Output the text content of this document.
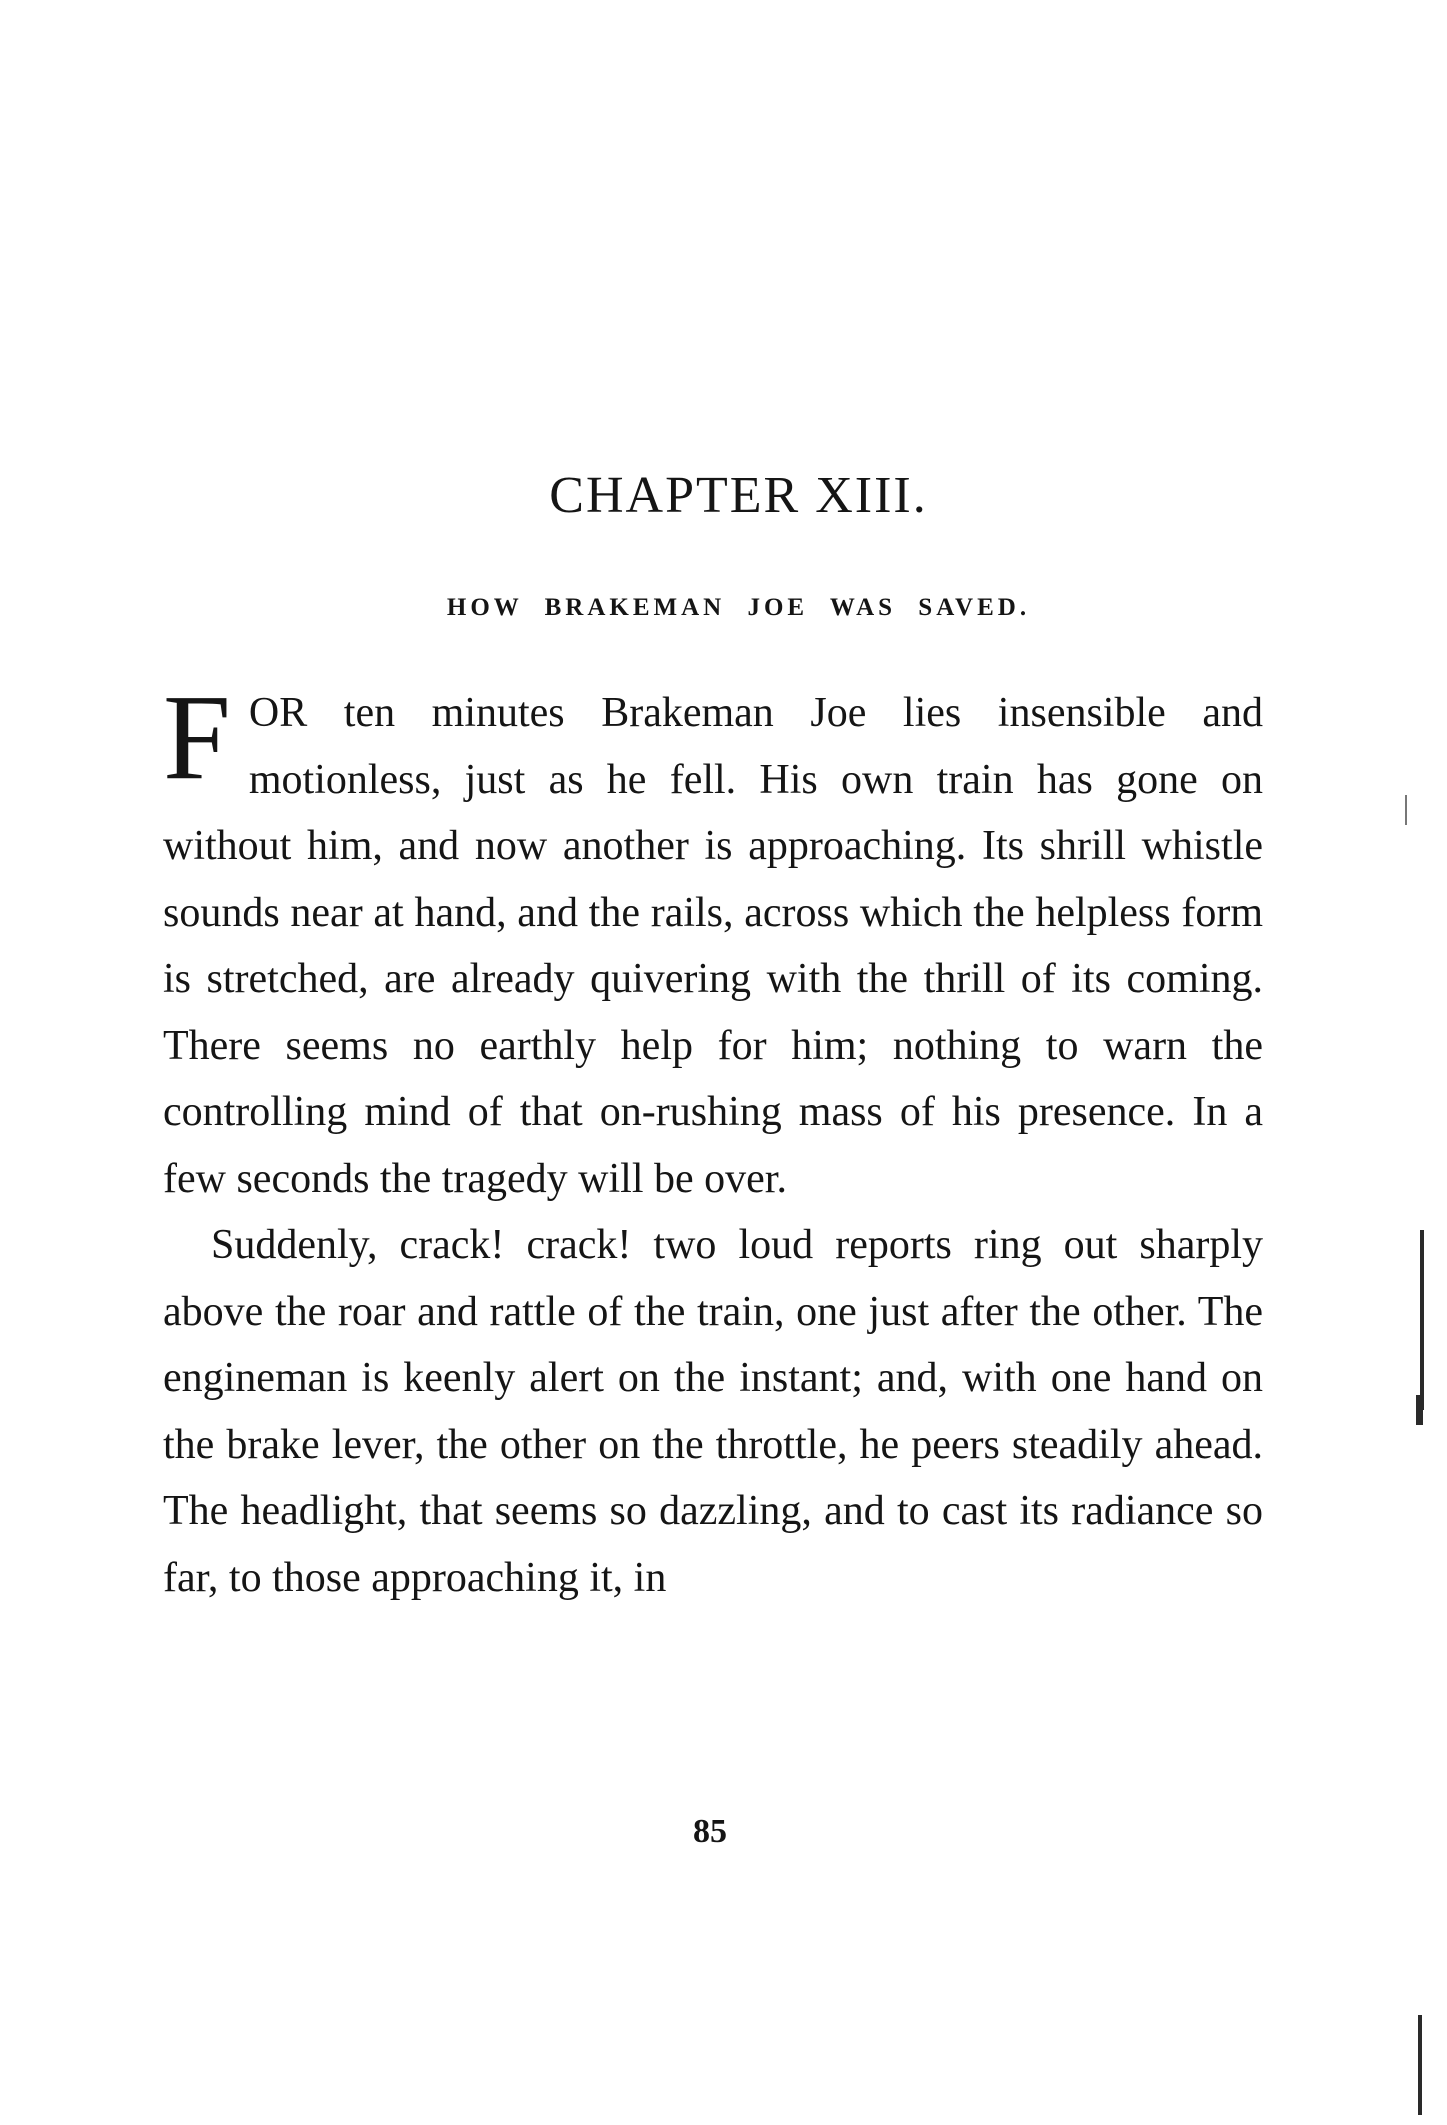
CHAPTER XIII.
HOW BRAKEMAN JOE WAS SAVED.

FOR ten minutes Brakeman Joe lies insensible and motionless, just as he fell. His own train has gone on without him, and now another is approaching. Its shrill whistle sounds near at hand, and the rails, across which the helpless form is stretched, are already quivering with the thrill of its coming. There seems no earthly help for him; nothing to warn the controlling mind of that on-rushing mass of his presence. In a few seconds the tragedy will be over.

Suddenly, crack! crack! two loud reports ring out sharply above the roar and rattle of the train, one just after the other. The engineman is keenly alert on the instant; and, with one hand on the brake lever, the other on the throttle, he peers steadily ahead. The headlight, that seems so dazzling, and to cast its radiance so far, to those approaching it, in

85
